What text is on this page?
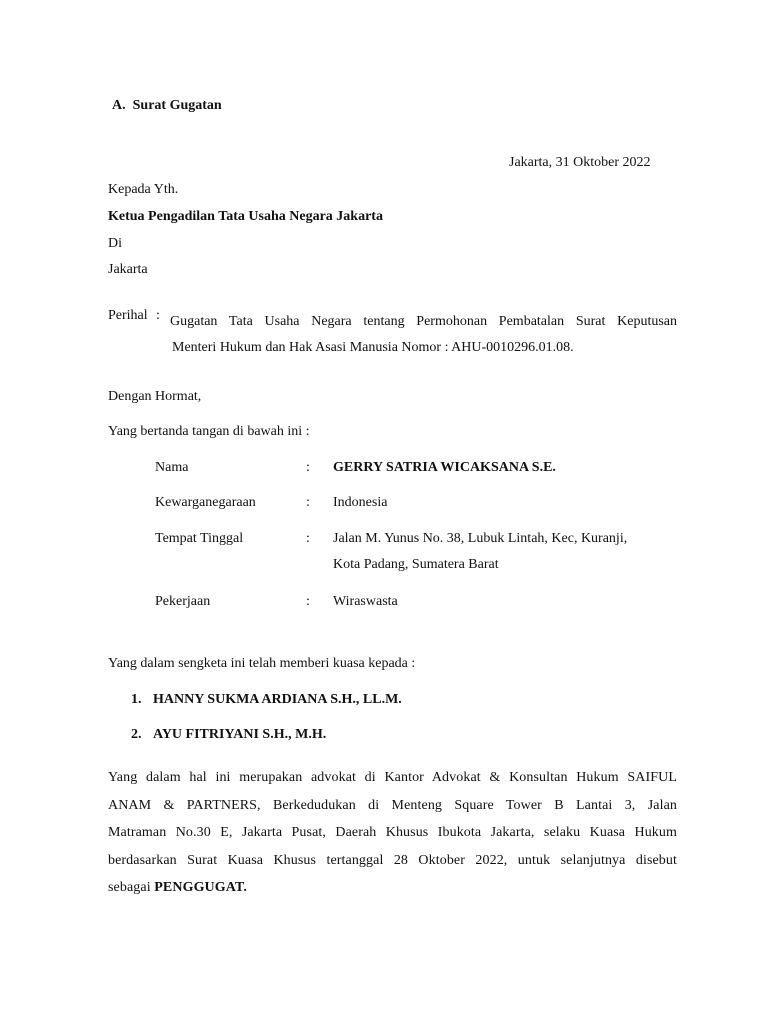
A. Surat Gugatan
Jakarta, 31 Oktober 2022
Kepada Yth.
Ketua Pengadilan Tata Usaha Negara Jakarta
Di
Jakarta
Perihal : Gugatan Tata Usaha Negara tentang Permohonan Pembatalan Surat Keputusan
Menteri Hukum dan Hak Asasi Manusia Nomor : AHU-0010296.01.08.
Dengan Hormat,
Yang bertanda tangan di bawah ini :
Nama	: GERRY SATRIA WICAKSANA S.E.
Kewarganegaraan	: Indonesia
Tempat Tinggal	: Jalan M. Yunus No. 38, Lubuk Lintah, Kec, Kuranji,
Kota Padang, Sumatera Barat
Pekerjaan	: Wiraswasta
Yang dalam sengketa ini telah memberi kuasa kepada :
1. HANNY SUKMA ARDIANA S.H., LL.M.
2. AYU FITRIYANI S.H., M.H.
Yang dalam hal ini merupakan advokat di Kantor Advokat & Konsultan Hukum SAIFUL
ANAM & PARTNERS, Berkedudukan di Menteng Square Tower B Lantai 3, Jalan
Matraman No.30 E, Jakarta Pusat, Daerah Khusus Ibukota Jakarta, selaku Kuasa Hukum
berdasarkan Surat Kuasa Khusus tertanggal 28 Oktober 2022, untuk selanjutnya disebut
sebagai PENGGUGAT.
